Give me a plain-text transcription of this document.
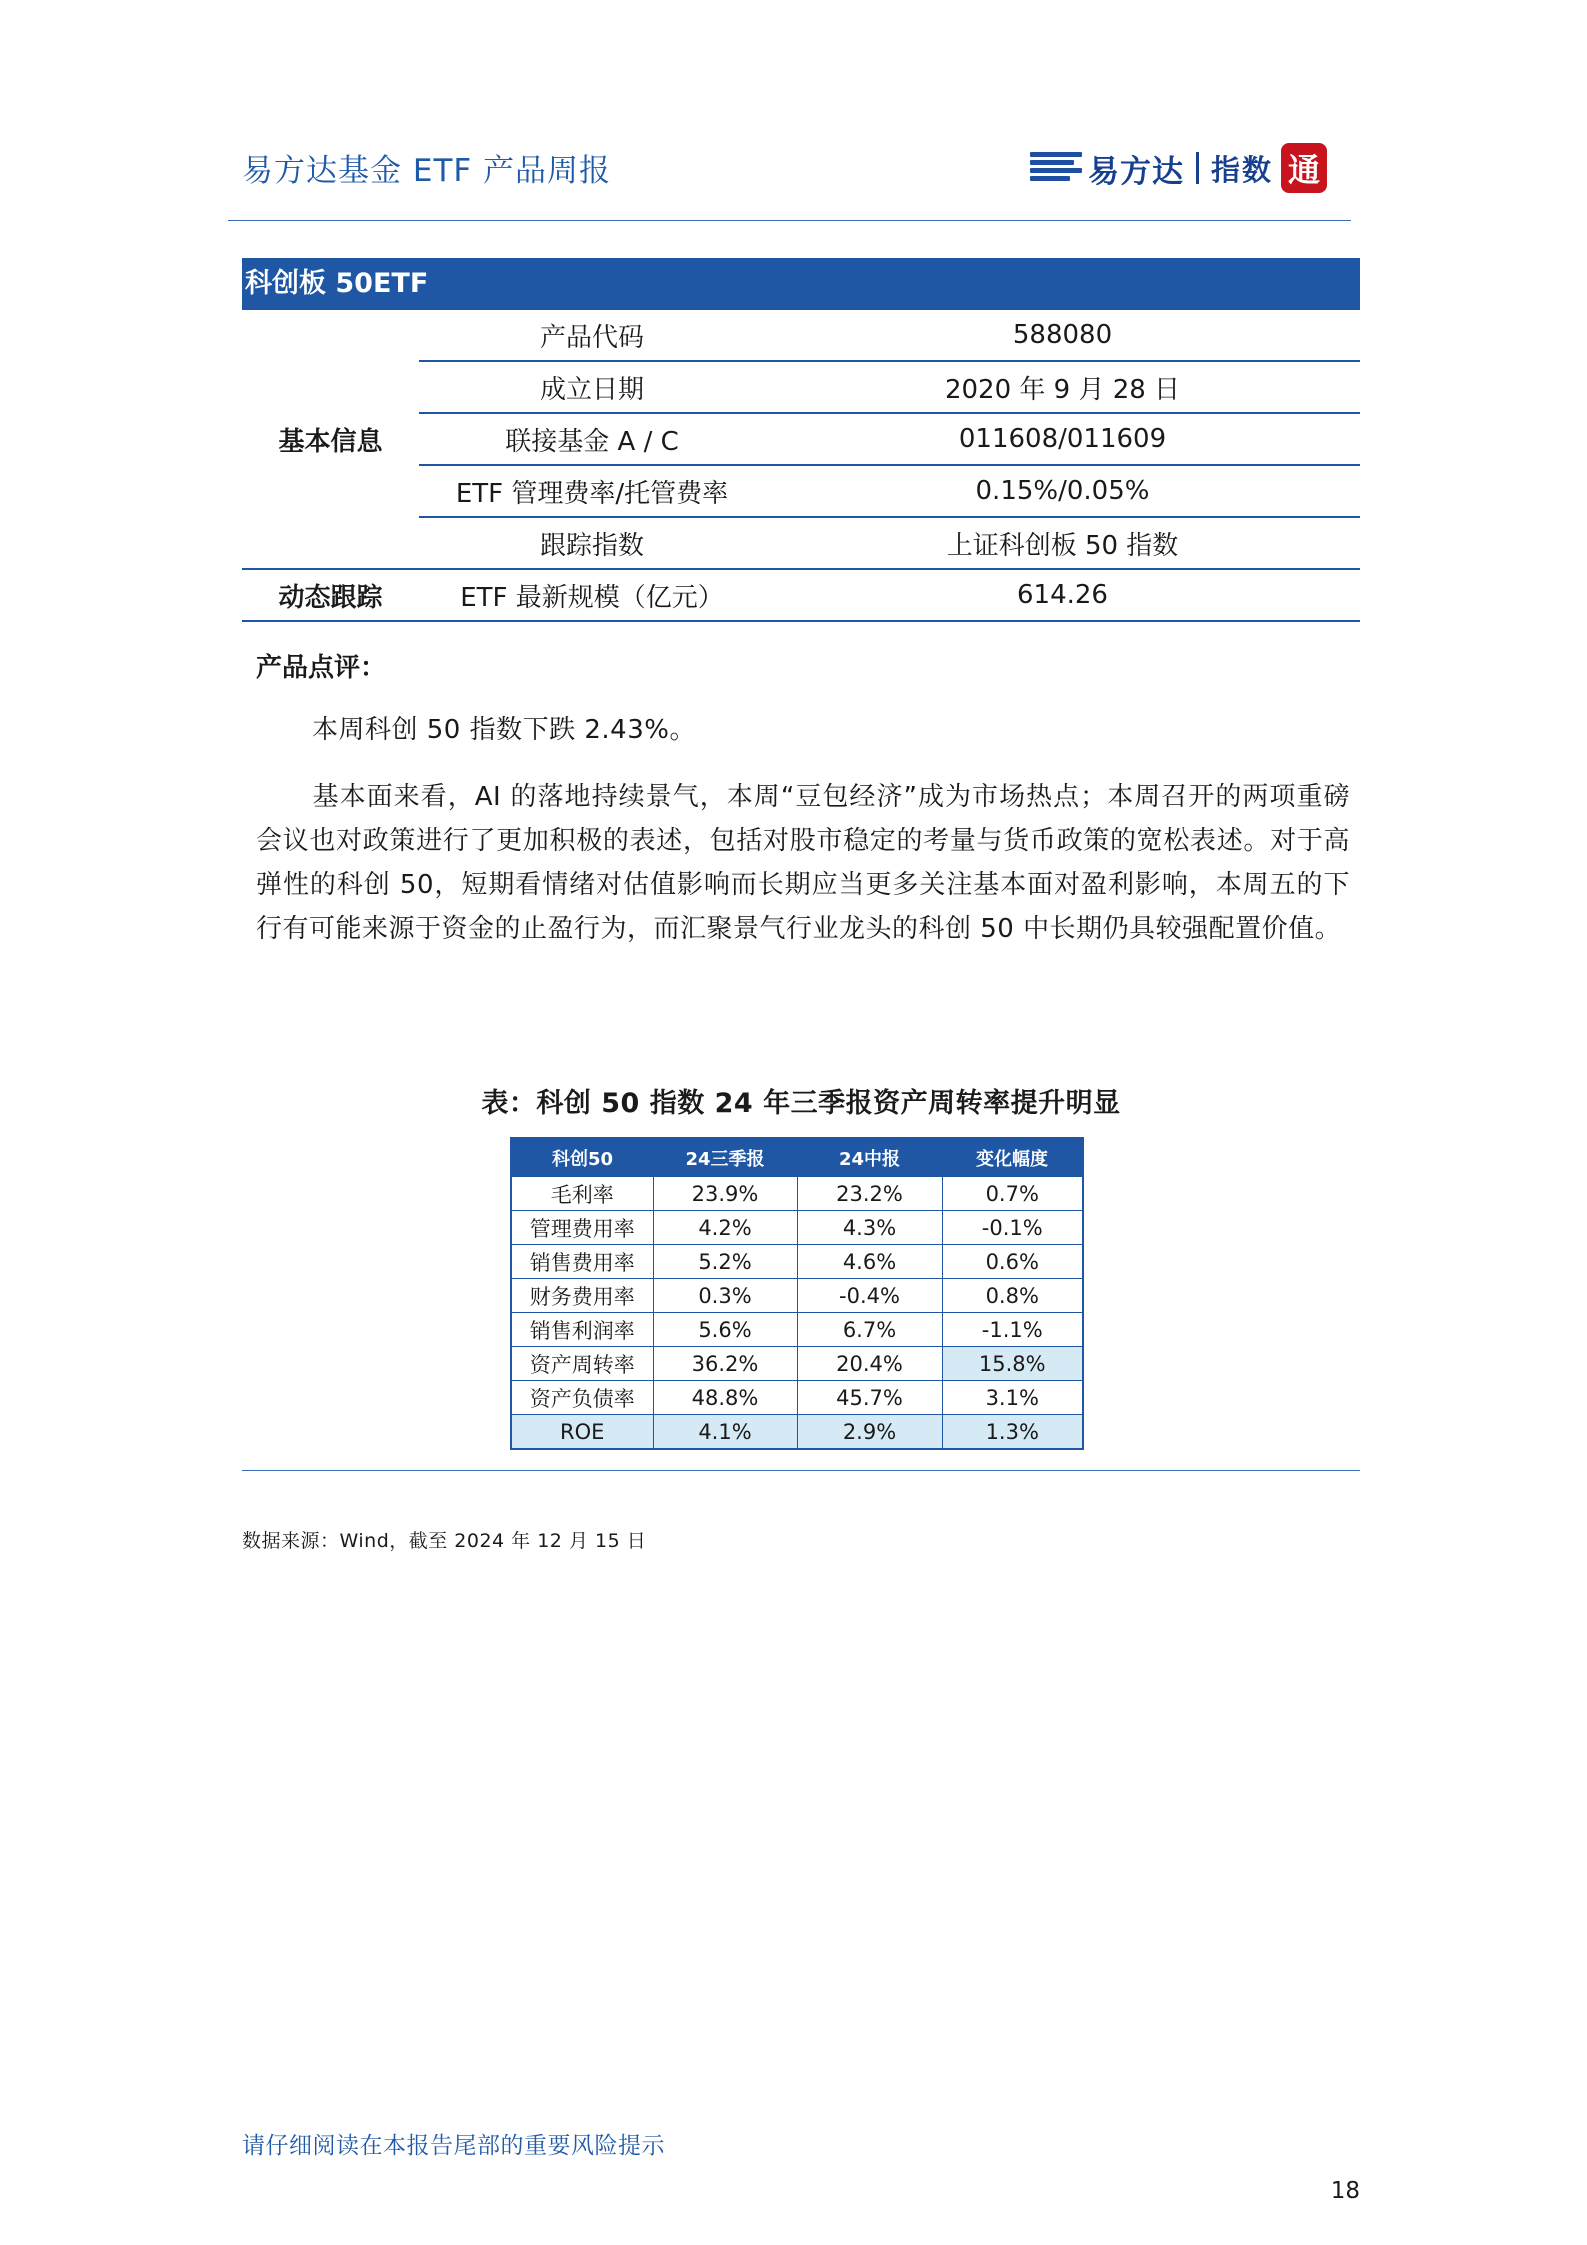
易方达基金 ETF 产品周报	易方达 指数 通
科创板 50ETF
基本信息	产品代码	588080
	成立日期	2020 年 9 月 28 日
	联接基金 A / C	011608/011609
	ETF 管理费率/托管费率	0.15%/0.05%
	跟踪指数	上证科创板 50 指数
动态跟踪	ETF 最新规模（亿元）	614.26
产品点评：
本周科创 50 指数下跌 2.43%。
基本面来看，AI 的落地持续景气，本周“豆包经济”成为市场热点；本周召开的两项重磅会议也对政策进行了更加积极的表述，包括对股市稳定的考量与货币政策的宽松表述。对于高弹性的科创 50，短期看情绪对估值影响而长期应当更多关注基本面对盈利影响，本周五的下行有可能来源于资金的止盈行为，而汇聚景气行业龙头的科创 50 中长期仍具较强配置价值。
表：科创 50 指数 24 年三季报资产周转率提升明显
科创50	24三季报	24中报	变化幅度
毛利率	23.9%	23.2%	0.7%
管理费用率	4.2%	4.3%	-0.1%
销售费用率	5.2%	4.6%	0.6%
财务费用率	0.3%	-0.4%	0.8%
销售利润率	5.6%	6.7%	-1.1%
资产周转率	36.2%	20.4%	15.8%
资产负债率	48.8%	45.7%	3.1%
ROE	4.1%	2.9%	1.3%
数据来源：Wind，截至 2024 年 12 月 15 日
请仔细阅读在本报告尾部的重要风险提示
18
